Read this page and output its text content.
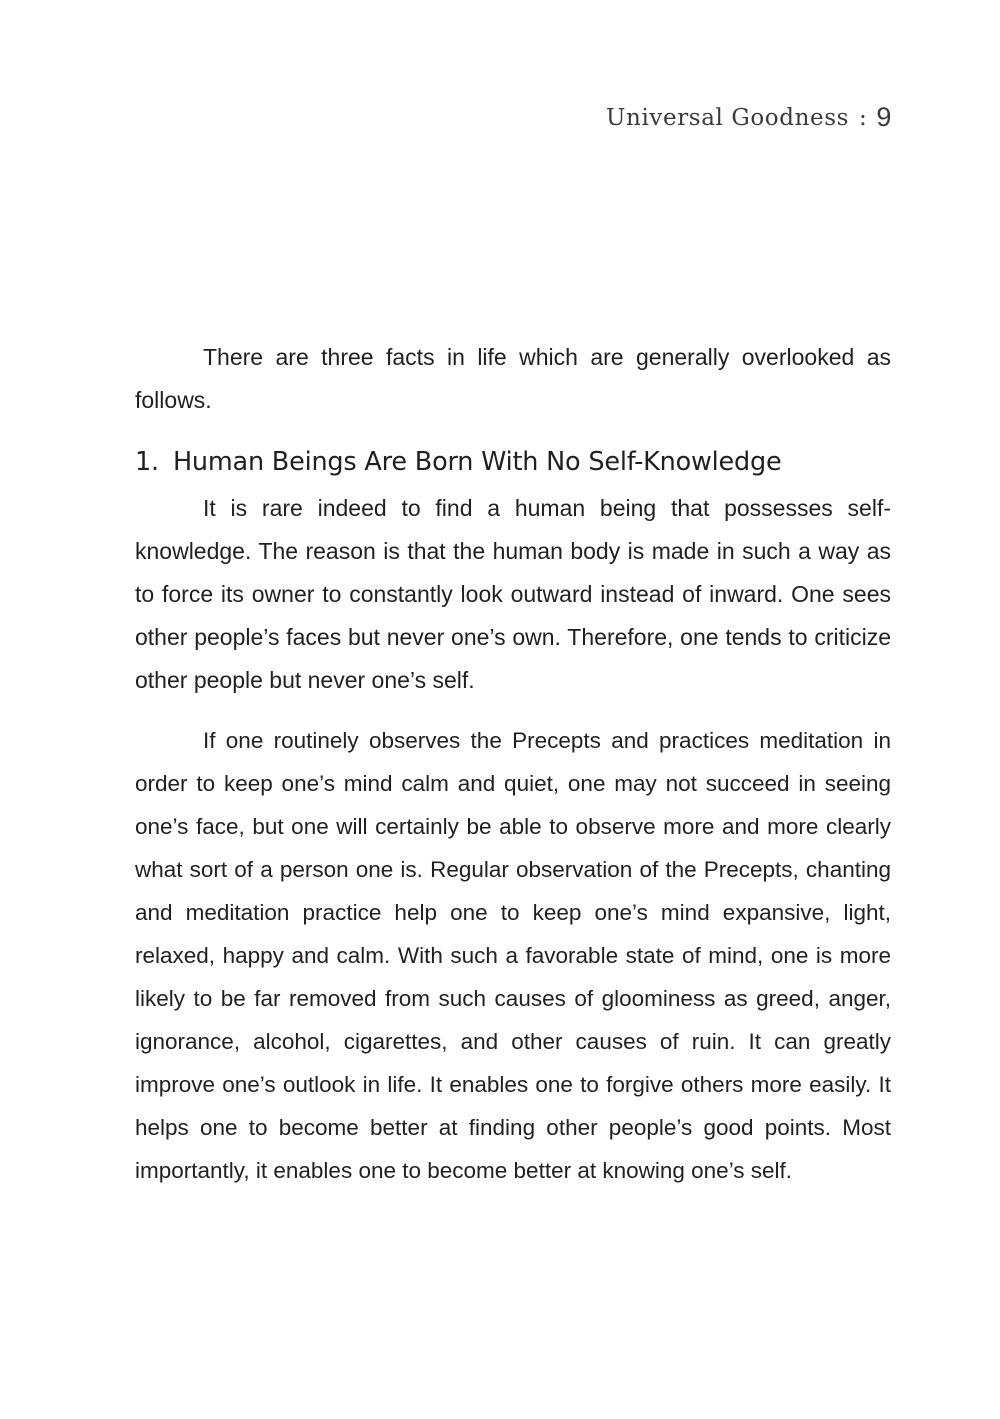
Universal Goodness : 9

There are three facts in life which are generally overlooked as follows.

1. Human Beings Are Born With No Self-Knowledge

It is rare indeed to find a human being that possesses self-knowledge. The reason is that the human body is made in such a way as to force its owner to constantly look outward instead of inward. One sees other people’s faces but never one’s own. Therefore, one tends to criticize other people but never one’s self.

If one routinely observes the Precepts and practices meditation in order to keep one’s mind calm and quiet, one may not succeed in seeing one’s face, but one will certainly be able to observe more and more clearly what sort of a person one is. Regular observation of the Precepts, chanting and meditation practice help one to keep one’s mind expansive, light, relaxed, happy and calm. With such a favorable state of mind, one is more likely to be far removed from such causes of gloominess as greed, anger, ignorance, alcohol, cigarettes, and other causes of ruin. It can greatly improve one’s outlook in life. It enables one to forgive others more easily. It helps one to become better at finding other people’s good points. Most importantly, it enables one to become better at knowing one’s self.
